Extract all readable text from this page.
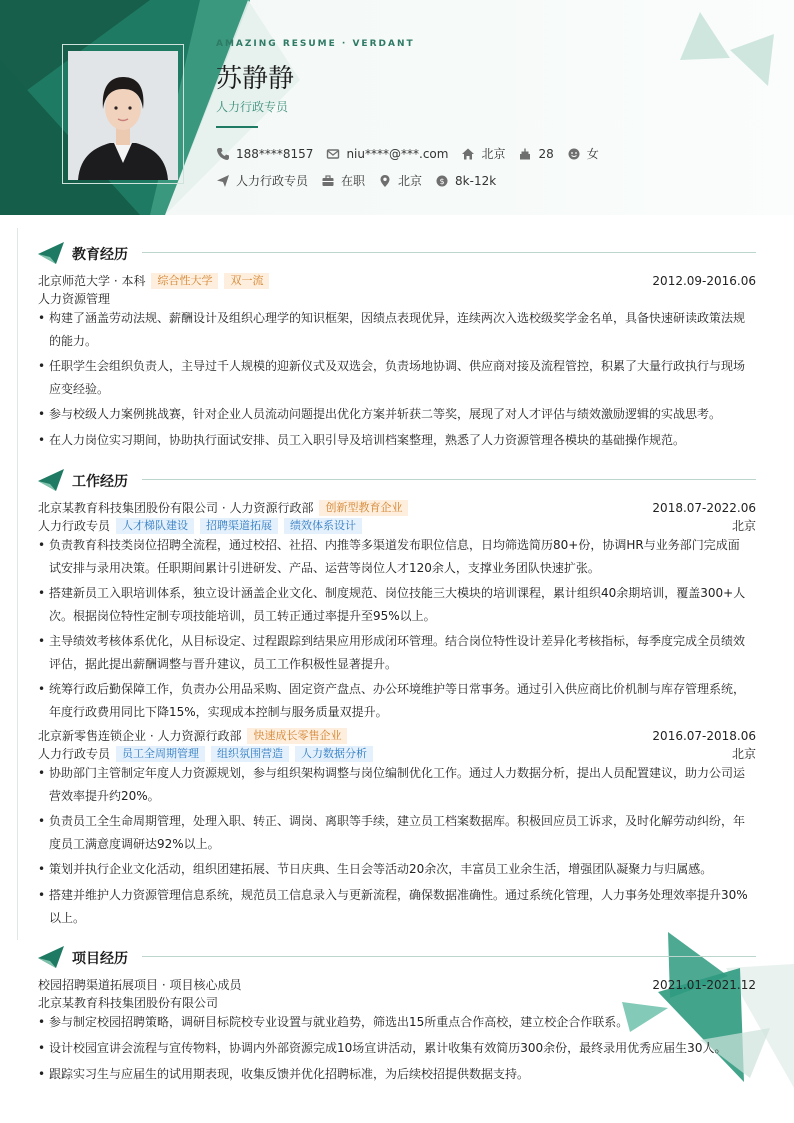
AMAZING RESUME · VERDANT
苏静静
人力行政专员
188****8157	niu****@***.com	北京	28	女
人力行政专员	在职	北京 $ 8k-12k
教育经历
北京师范大学 · 本科	综合性大学	双一流	2012.09-2016.06
人力资源管理
• 构建了涵盖劳动法规、薪酬设计及组织心理学的知识框架，因绩点表现优异，连续两次入选校级奖学金名单，具备快速研读政策法规的能力。
• 任职学生会组织负责人，主导过千人规模的迎新仪式及双选会，负责场地协调、供应商对接及流程管控，积累了大量行政执行与现场应变经验。
• 参与校级人力案例挑战赛，针对企业人员流动问题提出优化方案并斩获二等奖，展现了对人才评估与绩效激励逻辑的实战思考。
• 在人力岗位实习期间，协助执行面试安排、员工入职引导及培训档案整理，熟悉了人力资源管理各模块的基础操作规范。
工作经历
北京某教育科技集团股份有限公司 · 人力资源行政部	创新型教育企业	2018.07-2022.06
人力行政专员	人才梯队建设	招聘渠道拓展	绩效体系设计	北京
• 负责教育科技类岗位招聘全流程，通过校招、社招、内推等多渠道发布职位信息，日均筛选简历80+份，协调HR与业务部门完成面试安排与录用决策。任职期间累计引进研发、产品、运营等岗位人才120余人，支撑业务团队快速扩张。
• 搭建新员工入职培训体系，独立设计涵盖企业文化、制度规范、岗位技能三大模块的培训课程，累计组织40余期培训，覆盖300+人次。根据岗位特性定制专项技能培训，员工转正通过率提升至95%以上。
• 主导绩效考核体系优化，从目标设定、过程跟踪到结果应用形成闭环管理。结合岗位特性设计差异化考核指标，每季度完成全员绩效评估，据此提出薪酬调整与晋升建议，员工工作积极性显著提升。
• 统筹行政后勤保障工作，负责办公用品采购、固定资产盘点、办公环境维护等日常事务。通过引入供应商比价机制与库存管理系统，年度行政费用同比下降15%，实现成本控制与服务质量双提升。
北京新零售连锁企业 · 人力资源行政部	快速成长零售企业	2016.07-2018.06
人力行政专员	员工全周期管理	组织氛围营造	人力数据分析	北京
• 协助部门主管制定年度人力资源规划，参与组织架构调整与岗位编制优化工作。通过人力数据分析，提出人员配置建议，助力公司运营效率提升约20%。
• 负责员工全生命周期管理，处理入职、转正、调岗、离职等手续，建立员工档案数据库。积极回应员工诉求，及时化解劳动纠纷，年度员工满意度调研达92%以上。
• 策划并执行企业文化活动，组织团建拓展、节日庆典、生日会等活动20余次，丰富员工业余生活，增强团队凝聚力与归属感。
• 搭建并维护人力资源管理信息系统，规范员工信息录入与更新流程，确保数据准确性。通过系统化管理，人力事务处理效率提升30%以上。
项目经历
校园招聘渠道拓展项目 · 项目核心成员	2021.01-2021.12
北京某教育科技集团股份有限公司
• 参与制定校园招聘策略，调研目标院校专业设置与就业趋势，筛选出15所重点合作高校，建立校企合作联系。
• 设计校园宣讲会流程与宣传物料，协调内外部资源完成10场宣讲活动，累计收集有效简历300余份，最终录用优秀应届生30人。
• 跟踪实习生与应届生的试用期表现，收集反馈并优化招聘标准，为后续校招提供数据支持。
